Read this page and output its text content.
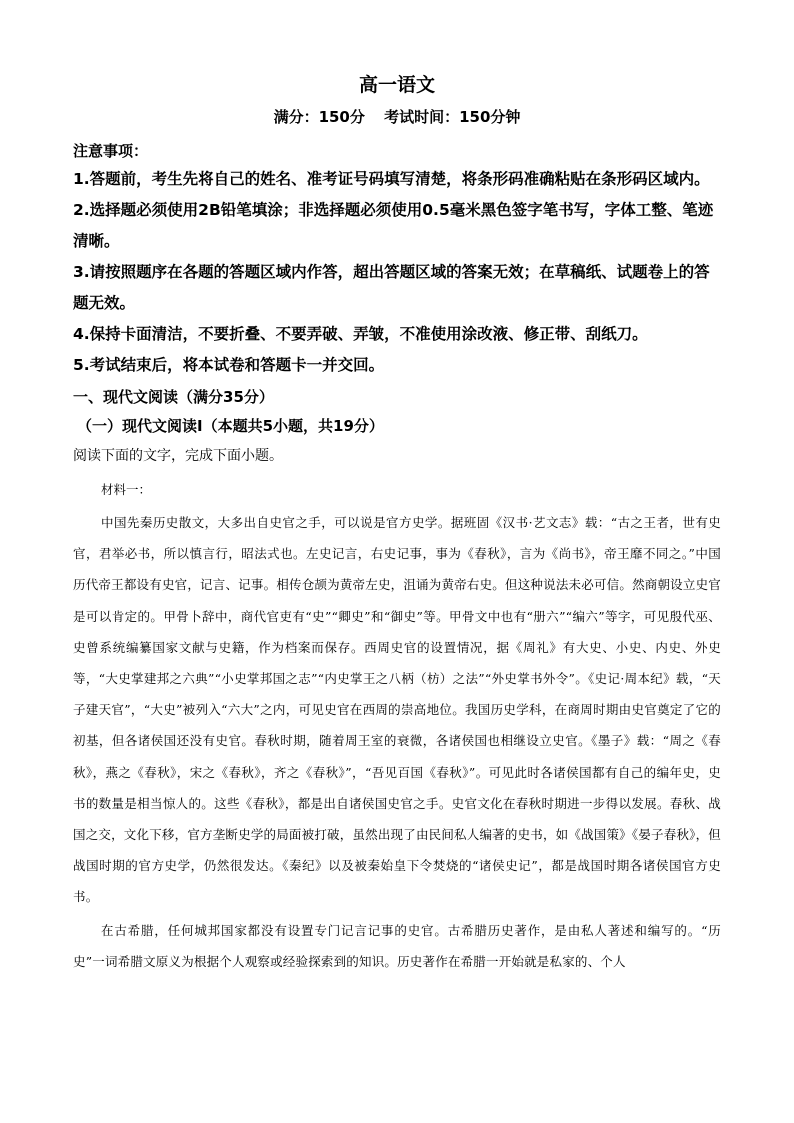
高一语文
满分：150分 考试时间：150分钟
注意事项：
1.答题前，考生先将自己的姓名、准考证号码填写清楚，将条形码准确粘贴在条形码区域内。
2.选择题必须使用2B铅笔填涂；非选择题必须使用0.5毫米黑色签字笔书写，字体工整、笔迹清晰。
3.请按照题序在各题的答题区域内作答，超出答题区域的答案无效；在草稿纸、试题卷上的答题无效。
4.保持卡面清洁，不要折叠、不要弄破、弄皱，不准使用涂改液、修正带、刮纸刀。
5.考试结束后，将本试卷和答题卡一并交回。
一、现代文阅读（满分35分）
（一）现代文阅读Ⅰ（本题共5小题，共19分）
阅读下面的文字，完成下面小题。
材料一：

中国先秦历史散文，大多出自史官之手，可以说是官方史学。据班固《汉书·艺文志》载：“古之王者，世有史官，君举必书，所以慎言行，昭法式也。左史记言，右史记事，事为《春秋》，言为《尚书》，帝王靡不同之。”中国历代帝王都设有史官，记言、记事。相传仓颉为黄帝左史，沮诵为黄帝右史。但这种说法未必可信。然商朝设立史官是可以肯定的。甲骨卜辞中，商代官吏有“史”“卿史”和“御史”等。甲骨文中也有“册六”“编六”等字，可见殷代巫、史曾系统编纂国家文献与史籍，作为档案而保存。西周史官的设置情况，据《周礼》有大史、小史、内史、外史等，“大史掌建邦之六典”“小史掌邦国之志”“内史掌王之八柄（枋）之法”“外史掌书外令”。《史记·周本纪》载，“天子建天官”，“大史”被列入“六大”之内，可见史官在西周的崇高地位。我国历史学科，在商周时期由史官奠定了它的初基，但各诸侯国还没有史官。春秋时期，随着周王室的衰微，各诸侯国也相继设立史官。《墨子》载：“周之《春秋》，燕之《春秋》，宋之《春秋》，齐之《春秋》”，“吾见百国《春秋》”。可见此时各诸侯国都有自己的编年史，史书的数量是相当惊人的。这些《春秋》，都是出自诸侯国史官之手。史官文化在春秋时期进一步得以发展。春秋、战国之交，文化下移，官方垄断史学的局面被打破，虽然出现了由民间私人编著的史书，如《战国策》《晏子春秋》，但战国时期的官方史学，仍然很发达。《秦纪》以及被秦始皇下令焚烧的“诸侯史记”，都是战国时期各诸侯国官方史书。

在古希腊，任何城邦国家都没有设置专门记言记事的史官。古希腊历史著作，是由私人著述和编写的。“历史”一词希腊文原义为根据个人观察或经验探索到的知识。历史著作在希腊一开始就是私家的、个人
